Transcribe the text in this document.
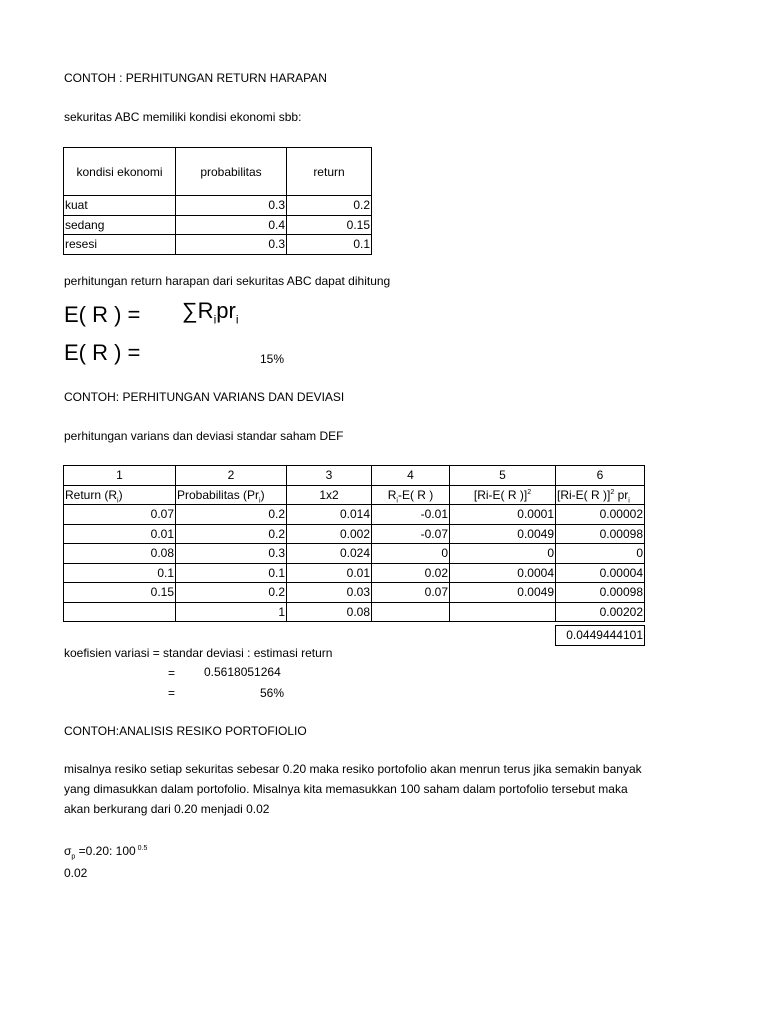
CONTOH : PERHITUNGAN RETURN HARAPAN
sekuritas ABC memiliki kondisi ekonomi sbb:
kondisi ekonomi	probabilitas	return
kuat	0.3	0.2
sedang	0.4	0.15
resesi	0.3	0.1
perhitungan return harapan dari sekuritas ABC dapat dihitung
E( R ) = $\sum R_ipr_i$
E( R ) =	15%
CONTOH: PERHITUNGAN VARIANS DAN DEVIASI
perhitungan varians dan deviasi standar saham DEF
1	2	3	4	5	6
Return $(R_i)$	Probabilitas $(Pr_i)$	1x2	$R_i-E$( R )	[Ri-E( R )]$^2$	[Ri-E( R )]$^2$ $pr_i$
0.07	0.2	0.014	-0.01	0.0001	0.00002
0.01	0.2	0.002	-0.07	0.0049	0.00098
0.08	0.3	0.024	0	0	0
0.1	0.1	0.01	0.02	0.0004	0.00004
0.15	0.2	0.03	0.07	0.0049	0.00098
	1	0.08			0.00202
0.0449444101
koefisien variasi = standar deviasi : estimasi return
= 0.5618051264
=	56%
CONTOH:ANALISIS RESIKO PORTOFIOLIO
misalnya resiko setiap sekuritas sebesar 0.20 maka resiko portofolio akan menrun terus jika semakin banyak
yang dimasukkan dalam portofolio. Misalnya kita memasukkan 100 saham dalam portofolio tersebut maka
akan berkurang dari 0.20 menjadi 0.02
$\sigma_p =0.20$: 100 $^{0.5}$
0.02
